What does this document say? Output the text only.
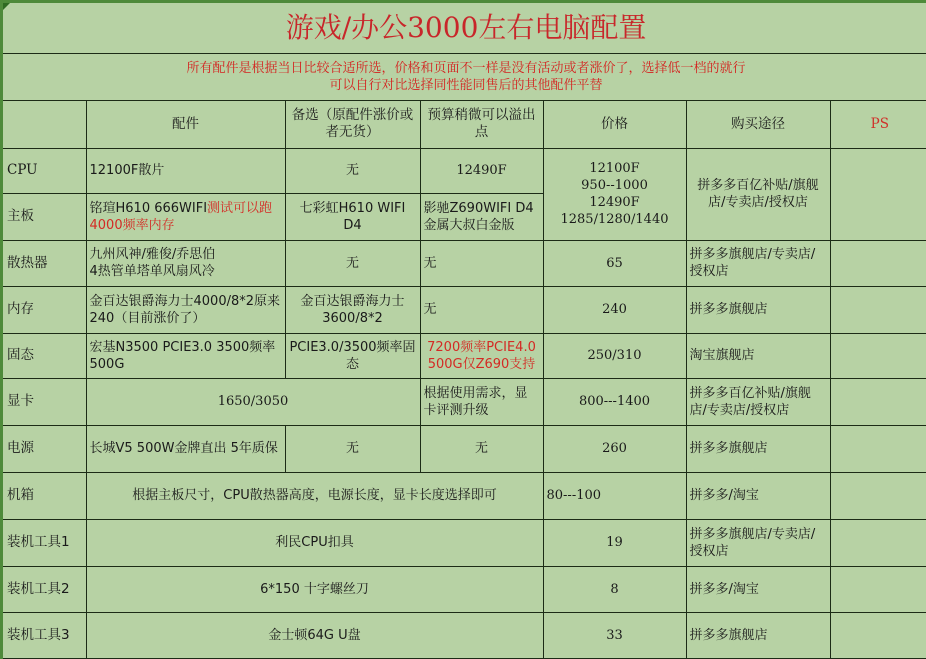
游戏/办公3000左右电脑配置						

所有配件是根据当日比较合适所选，价格和页面不一样是没有活动或者涨价了，选择低一档的就行
可以自行对比选择同性能同售后的其他配件平替						

	配件	备选（原配件涨价或者无货）	预算稍微可以溢出点	价格	购买途径	PS
CPU	12100F散片	无	12490F	12100F
950--1000
12490F
1285/1280/1440	拼多多百亿补贴/旗舰店/专卖店/授权店	
主板	铭瑄H610 666WIFI测试可以跑4000频率内存	七彩虹H610 WIFI D4	影驰Z690WIFI D4金属大叔白金版			
散热器	九州风神/雅俊/乔思伯
4热管单塔单风扇风冷	无	无	65	拼多多旗舰店/专卖店/授权店	
内存	金百达银爵海力士4000/8*2原来240（目前涨价了）	金百达银爵海力士3600/8*2	无	240	拼多多旗舰店	
固态	宏基N3500 PCIE3.0 3500频率500G	PCIE3.0/3500频率固态	7200频率PCIE4.0 500G仅Z690支持	250/310	淘宝旗舰店	
显卡	1650/3050		根据使用需求，显卡评测升级	800---1400	拼多多百亿补贴/旗舰店/专卖店/授权店	
电源	长城V5 500W金牌直出 5年质保	无	无	260	拼多多旗舰店	
机箱	根据主板尺寸，CPU散热器高度，电源长度，显卡长度选择即可			80---100	拼多多/淘宝	
装机工具1	利民CPU扣具			19	拼多多旗舰店/专卖店/授权店	
装机工具2	6*150 十字螺丝刀			8	拼多多/淘宝	
装机工具3	金士顿64G U盘			33	拼多多旗舰店	
